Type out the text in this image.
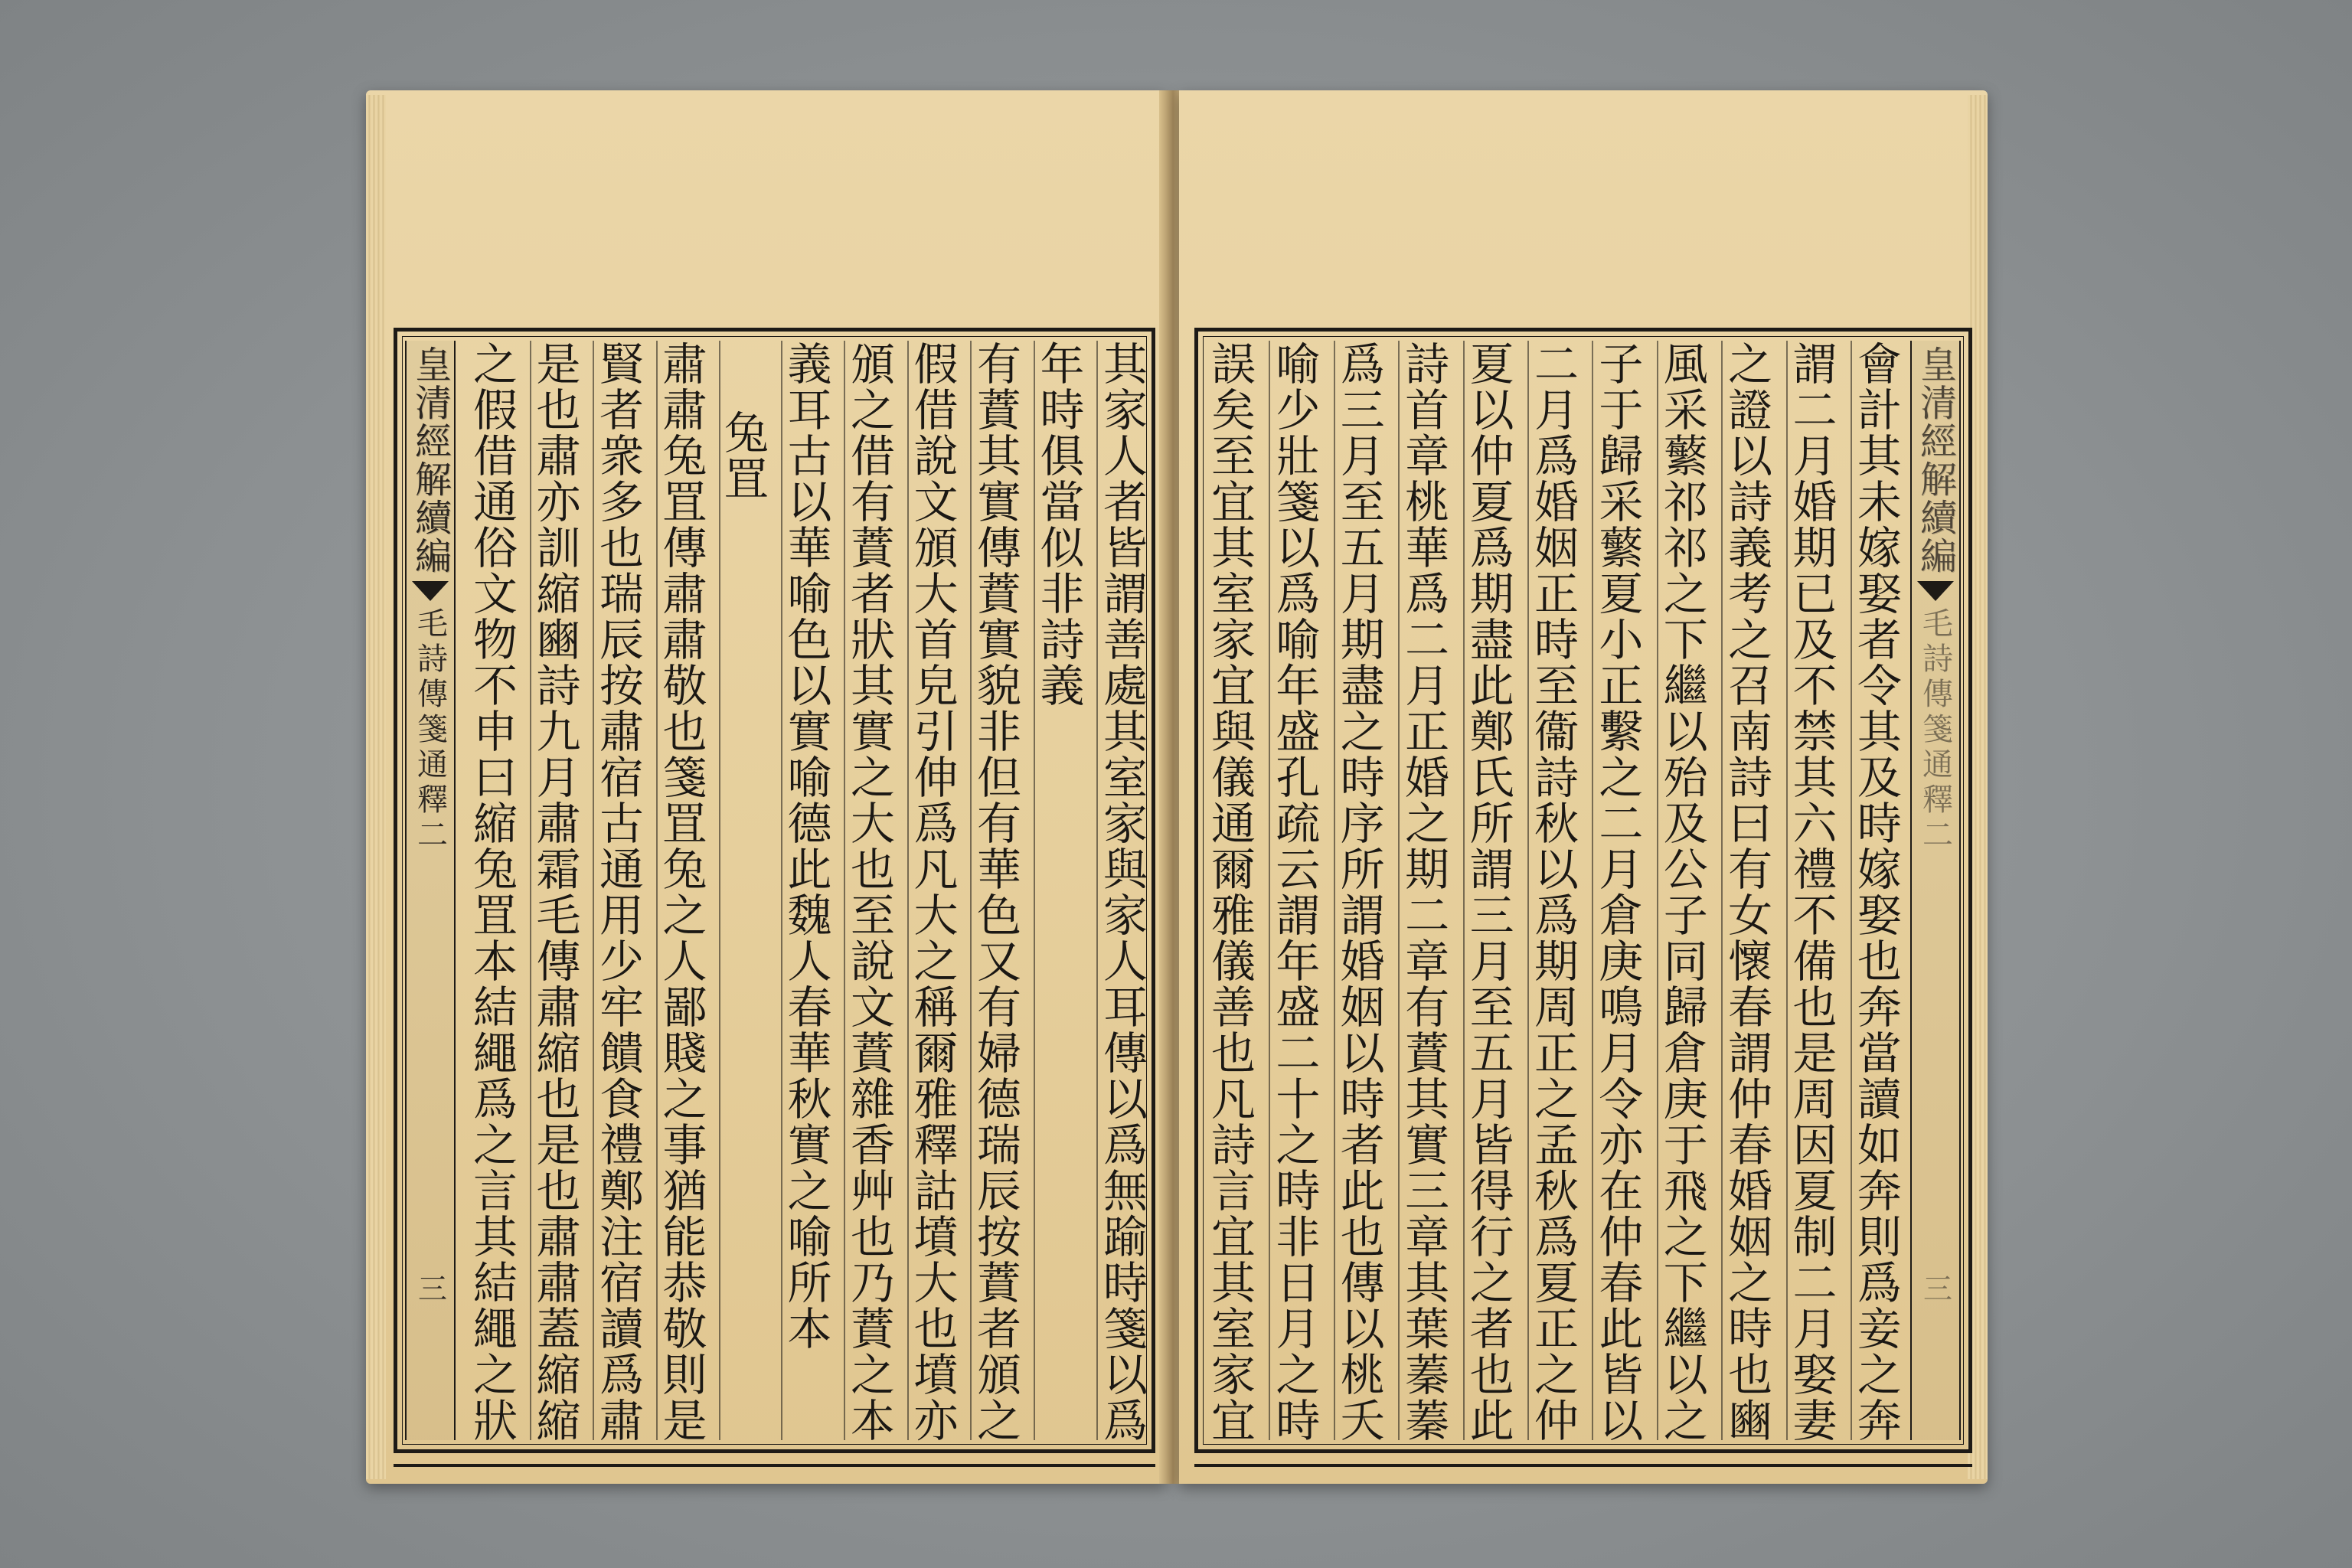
皇清經解續編
毛詩傳箋通釋二
三	其家人者皆謂善處其室家與家人耳傳以爲無踰時箋以爲
年時俱當似非詩義
有蕡其實傳蕡實貌非但有華色又有婦德瑞辰按蕡者頒之
假借說文頒大首皃引伸爲凡大之稱爾雅釋詁墳大也墳亦
頒之借有蕡者狀其實之大也至說文蕡雜香艸也乃蕡之本
義耳古以華喻色以實喻德此魏人春華秋實之喻所本
兔罝
肅肅兔罝傳肅肅敬也箋罝兔之人鄙賤之事猶能恭敬則是
賢者衆多也瑞辰按肅宿古通用少牢饋食禮鄭注宿讀爲肅
是也肅亦訓縮豳詩九月肅霜毛傳肅縮也是也肅肅蓋縮縮
之假借通俗文物不申曰縮兔罝本結繩爲之言其結繩之狀	皇清經解續編
毛詩傳箋通釋二
三
會計其未嫁娶者令其及時嫁娶也奔當讀如奔則爲妾之奔
謂二月婚期已及不禁其六禮不備也是周因夏制二月娶妻
之證以詩義考之召南詩曰有女懷春謂仲春婚姻之時也豳
風采蘩祁祁之下繼以殆及公子同歸倉庚于飛之下繼以之
子于歸采蘩夏小正繫之二月倉庚鳴月令亦在仲春此皆以
二月爲婚姻正時至衞詩秋以爲期周正之孟秋爲夏正之仲
夏以仲夏爲期盡此鄭氏所謂三月至五月皆得行之者也此
詩首章桃華爲二月正婚之期二章有蕡其實三章其葉蓁蓁
爲三月至五月期盡之時序所謂婚姻以時者此也傳以桃夭
喻少壯箋以爲喻年盛孔疏云謂年盛二十之時非日月之時
誤矣至宜其室家宜與儀通爾雅儀善也凡詩言宜其室家宜
